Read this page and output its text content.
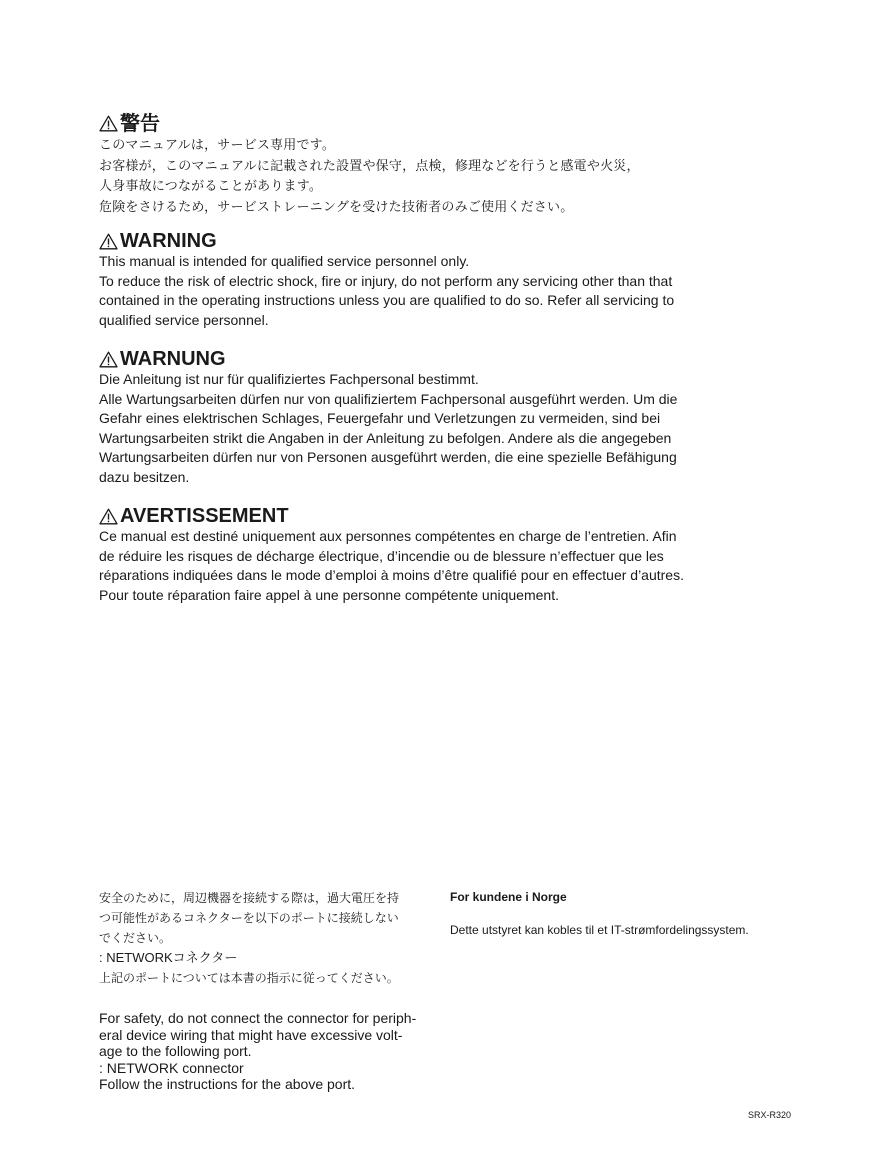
警告

このマニュアルは，サービス専用です。

お客様が，このマニュアルに記載された設置や保守，点検，修理などを行うと感電や火災，

人身事故につながることがあります。

危険をさけるため，サービストレーニングを受けた技術者のみご使用ください。

WARNING

This manual is intended for qualified service personnel only.

To reduce the risk of electric shock, fire or injury, do not perform any servicing other than that

contained in the operating instructions unless you are qualified to do so. Refer all servicing to

qualified service personnel.

WARNUNG

Die Anleitung ist nur für qualifiziertes Fachpersonal bestimmt.

Alle Wartungsarbeiten dürfen nur von qualifiziertem Fachpersonal ausgeführt werden. Um die

Gefahr eines elektrischen Schlages, Feuergefahr und Verletzungen zu vermeiden, sind bei

Wartungsarbeiten strikt die Angaben in der Anleitung zu befolgen. Andere als die angegeben

Wartungsarbeiten dürfen nur von Personen ausgeführt werden, die eine spezielle Befähigung

dazu besitzen.

AVERTISSEMENT

Ce manual est destiné uniquement aux personnes compétentes en charge de l’entretien. Afin

de réduire les risques de décharge électrique, d’incendie ou de blessure n’effectuer que les

réparations indiquées dans le mode d’emploi à moins d’être qualifié pour en effectuer d’autres.

Pour toute réparation faire appel à une personne compétente uniquement.

安全のために，周辺機器を接続する際は，過大電圧を持

つ可能性があるコネクターを以下のポートに接続しない

でください。

: NETWORKコネクター

上記のポートについては本書の指示に従ってください。

For safety, do not connect the connector for periph-

eral device wiring that might have excessive volt-

age to the following port.

: NETWORK connector

Follow the instructions for the above port.

For kundene i Norge

Dette utstyret kan kobles til et IT-strømfordelingssystem.

SRX-R320
